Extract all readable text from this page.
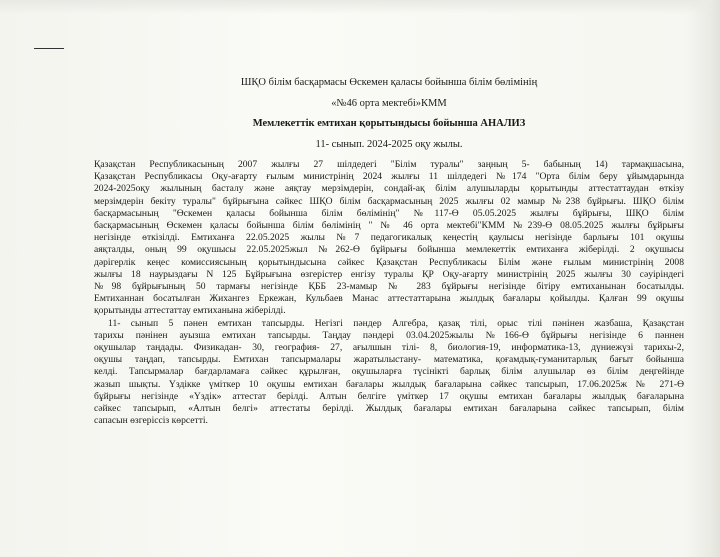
ШҚО білім басқармасы Өскемен қаласы бойынша білім бөлімінің

«№46 орта мектебі»КММ

Мемлекеттік емтихан қорытындысы бойынша АНАЛИЗ

11- сынып. 2024-2025 оқу жылы.

Қазақстан Республикасының 2007 жылғы 27 шілдедегі "Білім туралы" заңның 5- бабының 14) тармақшасына,

Қазақстан Республикасы Оқу-ағарту ғылым министрінің 2024 жылғы 11 шілдедегі №174 "Орта білім беру ұйымдарында

2024-2025оқу жылының басталу және аяқтау мерзімдерін, сондай-ақ білім алушыларды қорытынды аттестаттаудан өткізу

мерзімдерін бекіту туралы" бұйрығына сәйкес ШҚО білім басқармасының 2025 жылғы 02 мамыр №238 бұйрығы. ШҚО білім

басқармасының "Өскемен қаласы бойынша білім бөлімінің" №117-Ө 05.05.2025 жылғы бұйрығы, ШҚО білім

басқармасының Өскемен қаласы бойынша білім бөлімінің " № 46 орта мектебі"КММ №239-Ө 08.05.2025 жылғы бұйрығы

негізінде өткізілді. Емтиханға 22.05.2025 жылы №7 педагогикалық кеңестің қаулысы негізінде барлығы 101 оқушы

аяқталды, оның 99 оқушысы 22.05.2025жыл №262-Ө бұйрығы бойынша мемлекеттік емтиханға жіберілді. 2 оқушысы

дәрігерлік кеңес комиссиясының қорытындысына сәйкес Қазақстан Республикасы Білім және ғылым министрінің 2008

жылғы 18 наурыздағы N 125 Бұйрығына өзгерістер енгізу туралы ҚР Оқу-ағарту министрінің 2025 жылғы 30 сәуіріндегі

№98 бұйрығының 50 тармағы негізінде ҚББ 23-мамыр № 283 бұйрығы негізінде бітіру емтиханынан босатылды.

Емтиханнан босатылған Жихангез Еркежан, Кульбаев Манас аттестаттарына жылдық бағалары қойылды. Қалған 99 оқушы

қорытынды аттестаттау емтиханына жіберілді.

11- сынып 5 пәнен емтихан тапсырды. Негізгі пәндер Алгебра, қазақ тілі, орыс тілі пәнінен жазбаша, Қазақстан

тарихы пәнінен ауызша емтихан тапсырды. Таңдау пәндері 03.04.2025жылы №166-Ө бұйрығы негізінде 6 пәннен

оқушылар таңдады. Физикадан- 30, география- 27, ағылшын тілі- 8, биология-19, информатика-13, дүниежүзі тарихы-2,

оқушы таңдап, тапсырды. Емтихан тапсырмалары жаратылыстану- математика, қоғамдық-гуманитарлық бағыт бойынша

келді. Тапсырмалар бағдарламаға сәйкес құрылған, оқушыларға түсінікті барлық білім алушылар өз білім деңгейінде

жазып шықты. Үздікке үміткер 10 оқушы емтихан бағалары жылдық бағаларына сәйкес тапсырып, 17.06.2025ж № 271-Ө

бұйрығы негізінде «Үздік» аттестат берілді. Алтын белгіге үміткер 17 оқушы емтихан бағалары жылдық бағаларына

сәйкес тапсырып, «Алтын белгі» аттестаты берілді. Жылдық бағалары емтихан бағаларына сәйкес тапсырып, білім

сапасын өзгеріссіз көрсетті.
